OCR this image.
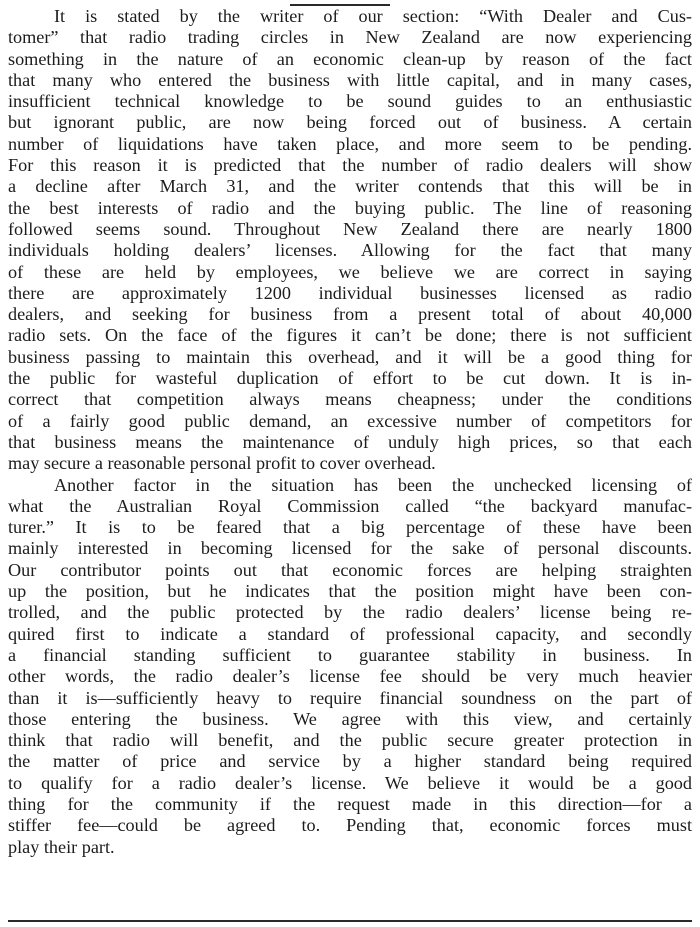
It is stated by the writer of our section: “With Dealer and Cus-
tomer” that radio trading circles in New Zealand are now experiencing
something in the nature of an economic clean-up by reason of the fact
that many who entered the business with little capital, and in many cases,
insufficient technical knowledge to be sound guides to an enthusiastic
but ignorant public, are now being forced out of business. A certain
number of liquidations have taken place, and more seem to be pending.
For this reason it is predicted that the number of radio dealers will show
a decline after March 31, and the writer contends that this will be in
the best interests of radio and the buying public. The line of reasoning
followed seems sound. Throughout New Zealand there are nearly 1800
individuals holding dealers’ licenses. Allowing for the fact that many
of these are held by employees, we believe we are correct in saying
there are approximately 1200 individual businesses licensed as radio
dealers, and seeking for business from a present total of about 40,000
radio sets. On the face of the figures it can’t be done; there is not sufficient
business passing to maintain this overhead, and it will be a good thing for
the public for wasteful duplication of effort to be cut down. It is in-
correct that competition always means cheapness; under the conditions
of a fairly good public demand, an excessive number of competitors for
that business means the maintenance of unduly high prices, so that each
may secure a reasonable personal profit to cover overhead.
Another factor in the situation has been the unchecked licensing of
what the Australian Royal Commission called “the backyard manufac-
turer.” It is to be feared that a big percentage of these have been
mainly interested in becoming licensed for the sake of personal discounts.
Our contributor points out that economic forces are helping straighten
up the position, but he indicates that the position might have been con-
trolled, and the public protected by the radio dealers’ license being re-
quired first to indicate a standard of professional capacity, and secondly
a financial standing sufficient to guarantee stability in business. In
other words, the radio dealer’s license fee should be very much heavier
than it is—sufficiently heavy to require financial soundness on the part of
those entering the business. We agree with this view, and certainly
think that radio will benefit, and the public secure greater protection in
the matter of price and service by a higher standard being required
to qualify for a radio dealer’s license. We believe it would be a good
thing for the community if the request made in this direction—for a
stiffer fee—could be agreed to. Pending that, economic forces must
play their part.
